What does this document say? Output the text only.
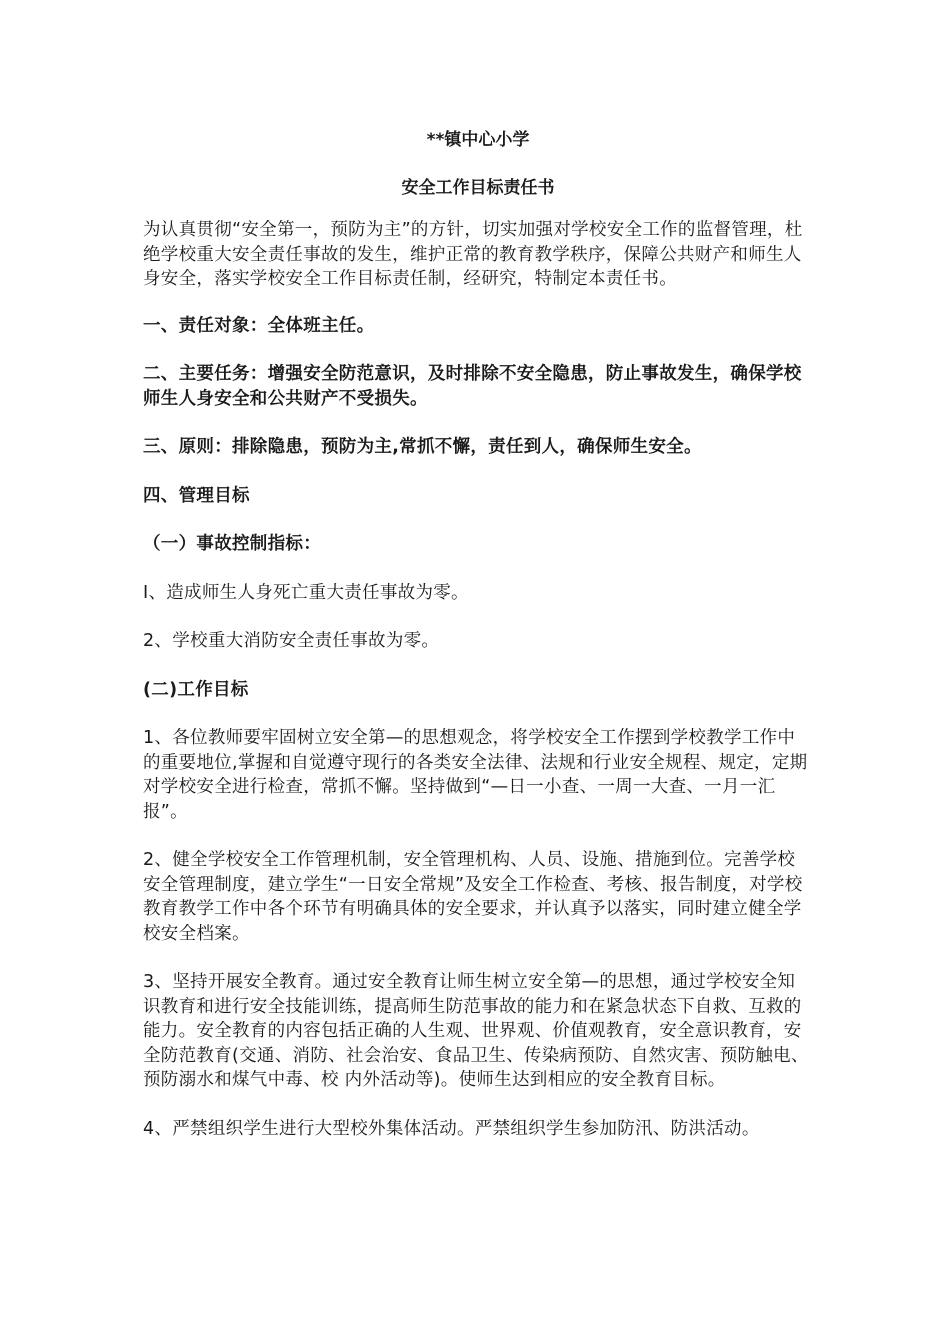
**镇中心小学

安全工作目标责任书

为认真贯彻“安全第一，预防为主”的方针，切实加强对学校安全工作的监督管理，杜绝学校重大安全责任事故的发生，维护正常的教育教学秩序，保障公共财产和师生人身安全，落实学校安全工作目标责任制，经研究，特制定本责任书。

一、责任对象：全体班主任。

二、主要任务：增强安全防范意识，及时排除不安全隐患，防止事故发生，确保学校师生人身安全和公共财产不受损失。

三、原则：排除隐患，预防为主,常抓不懈，责任到人，确保师生安全。

四、管理目标

（一）事故控制指标：

I、造成师生人身死亡重大责任事故为零。

2、学校重大消防安全责任事故为零。

(二)工作目标

1、各位教师要牢固树立安全第—的思想观念，将学校安全工作摆到学校教学工作中的重要地位,掌握和自觉遵守现行的各类安全法律、法规和行业安全规程、规定，定期对学校安全进行检查，常抓不懈。坚持做到“—日一小查、一周一大查、一月一汇报”。

2、健全学校安全工作管理机制，安全管理机构、人员、设施、措施到位。完善学校安全管理制度，建立学生“一日安全常规”及安全工作检查、考核、报告制度，对学校教育教学工作中各个环节有明确具体的安全要求，并认真予以落实，同时建立健全学校安全档案。

3、坚持开展安全教育。通过安全教育让师生树立安全第—的思想，通过学校安全知识教育和进行安全技能训练，提高师生防范事故的能力和在紧急状态下自救、互救的能力。安全教育的内容包括正确的人生观、世界观、价值观教育，安全意识教育，安全防范教育(交通、消防、社会治安、食品卫生、传染病预防、自然灾害、预防触电、预防溺水和煤气中毒、校 内外活动等)。使师生达到相应的安全教育目标。

4、严禁组织学生进行大型校外集体活动。严禁组织学生参加防汛、防洪活动。
